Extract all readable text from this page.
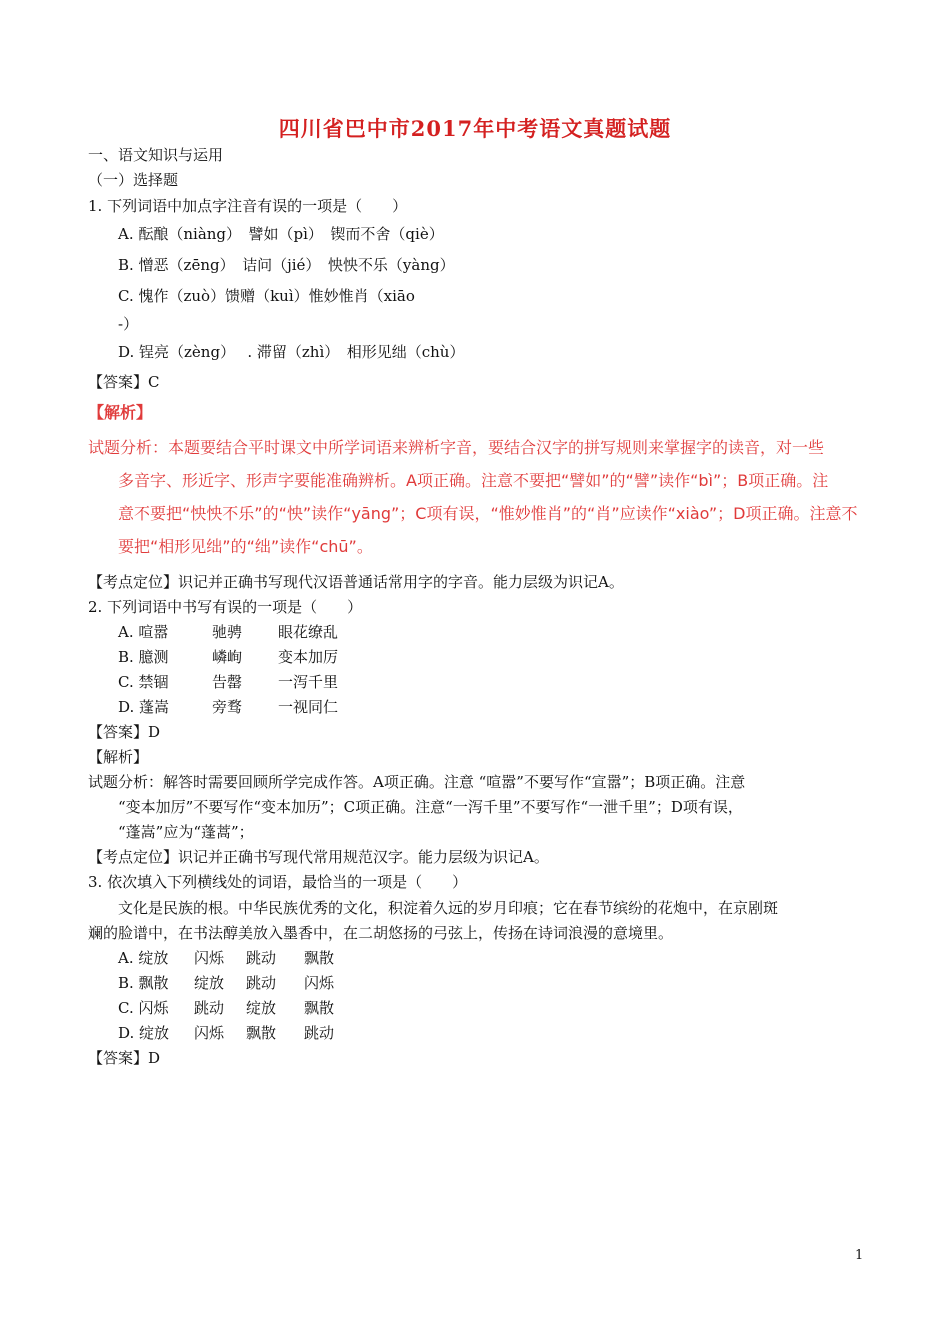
四川省巴中市2017年中考语文真题试题
一、语文知识与运用
（一）选择题
1. 下列词语中加点字注音有误的一项是（　　）
A. 酝酿（niàng）　譬如（pì）　锲而不舍（qiè）
B. 憎恶（zēng）　诘问（jié）　怏怏不乐（yàng）
C. 愧作（zuò）馈赠（kuì）惟妙惟肖（xiāo
-）
D. 锃亮（zèng）　 . 滞留（zhì）　相形见绌（chù）
【答案】C
【解析】
试题分析：本题要结合平时课文中所学词语来辨析字音，要结合汉字的拼写规则来掌握字的读音，对一些
多音字、形近字、形声字要能准确辨析。A项正确。注意不要把“譬如”的“譬”读作“bì”；B项正确。注
意不要把“怏怏不乐”的“怏”读作“yāng”；C项有误，“惟妙惟肖”的“肖”应读作“xiào”；D项正确。注意不
要把“相形见绌”的“绌”读作“chū”。
【考点定位】识记并正确书写现代汉语普通话常用字的字音。能力层级为识记A。
2. 下列词语中书写有误的一项是（　　）
A. 喧嚣	驰骋 眼花缭乱
B. 臆测	嶙峋 变本加厉
C. 禁锢	告罄 一泻千里
D. 蓬嵩	旁骛 一视同仁
【答案】D
【解析】
试题分析：解答时需要回顾所学完成作答。A项正确。注意 “喧嚣”不要写作“宣嚣”；B项正确。注意
“变本加厉”不要写作“变本加历”；C项正确。注意“一泻千里”不要写作“一泄千里”；D项有误，
“蓬嵩”应为“蓬蒿”；
【考点定位】识记并正确书写现代常用规范汉字。能力层级为识记A。
3. 依次填入下列横线处的词语，最恰当的一项是（　　）
文化是民族的根。中华民族优秀的文化，积淀着久远的岁月印痕；它在春节缤纷的花炮中，在京剧斑
斓的脸谱中，在书法醇美放入墨香中，在二胡悠扬的弓弦上，传扬在诗词浪漫的意境里。
A. 绽放 闪烁 跳动 飘散
B. 飘散 绽放 跳动 闪烁
C. 闪烁 跳动 绽放 飘散
D. 绽放 闪烁 飘散 跳动
【答案】D
1
